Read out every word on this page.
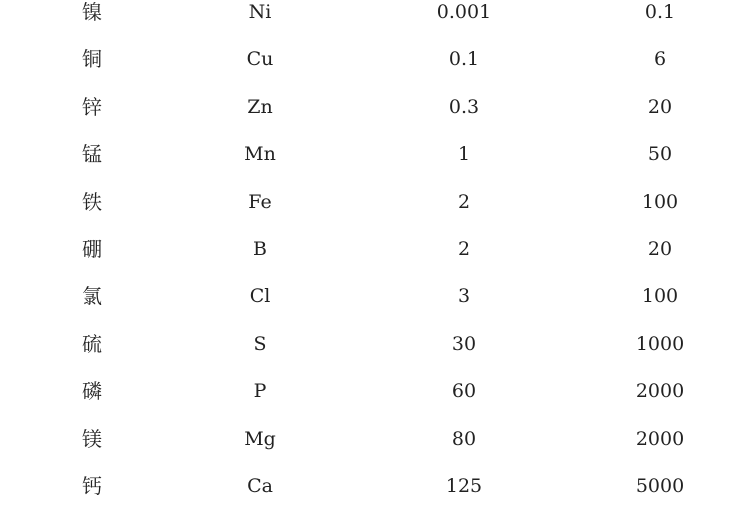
镍	Ni	0.001	0.1
铜	Cu	0.1	6
锌	Zn	0.3	20
锰	Mn	1	50
铁	Fe	2	100
硼	B	2	20
氯	Cl	3	100
硫	S	30	1000
磷	P	60	2000
镁	Mg	80	2000
钙	Ca	125	5000
